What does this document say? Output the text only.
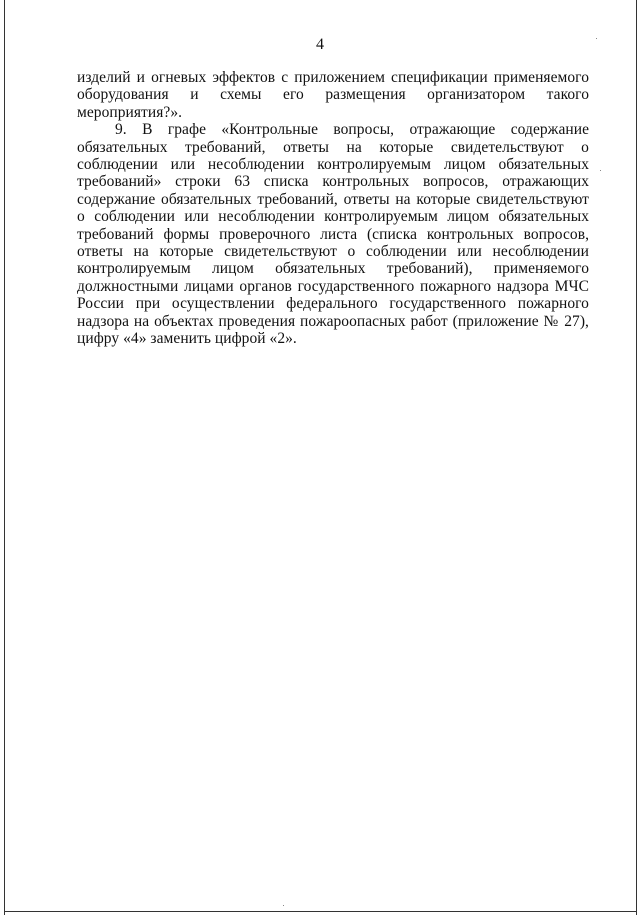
4

изделий и огневых эффектов с приложением спецификации применяемого оборудования и схемы его размещения организатором такого мероприятия?».

9. В графе «Контрольные вопросы, отражающие содержание обязательных требований, ответы на которые свидетельствуют о соблюдении или несоблюдении контролируемым лицом обязательных требований» строки 63 списка контрольных вопросов, отражающих содержание обязательных требований, ответы на которые свидетельствуют о соблюдении или несоблюдении контролируемым лицом обязательных требований формы проверочного листа (списка контрольных вопросов, ответы на которые свидетельствуют о соблюдении или несоблюдении контролируемым лицом обязательных требований), применяемого должностными лицами органов государственного пожарного надзора МЧС России при осуществлении федерального государственного пожарного надзора на объектах проведения пожароопасных работ (приложение № 27), цифру «4» заменить цифрой «2».
